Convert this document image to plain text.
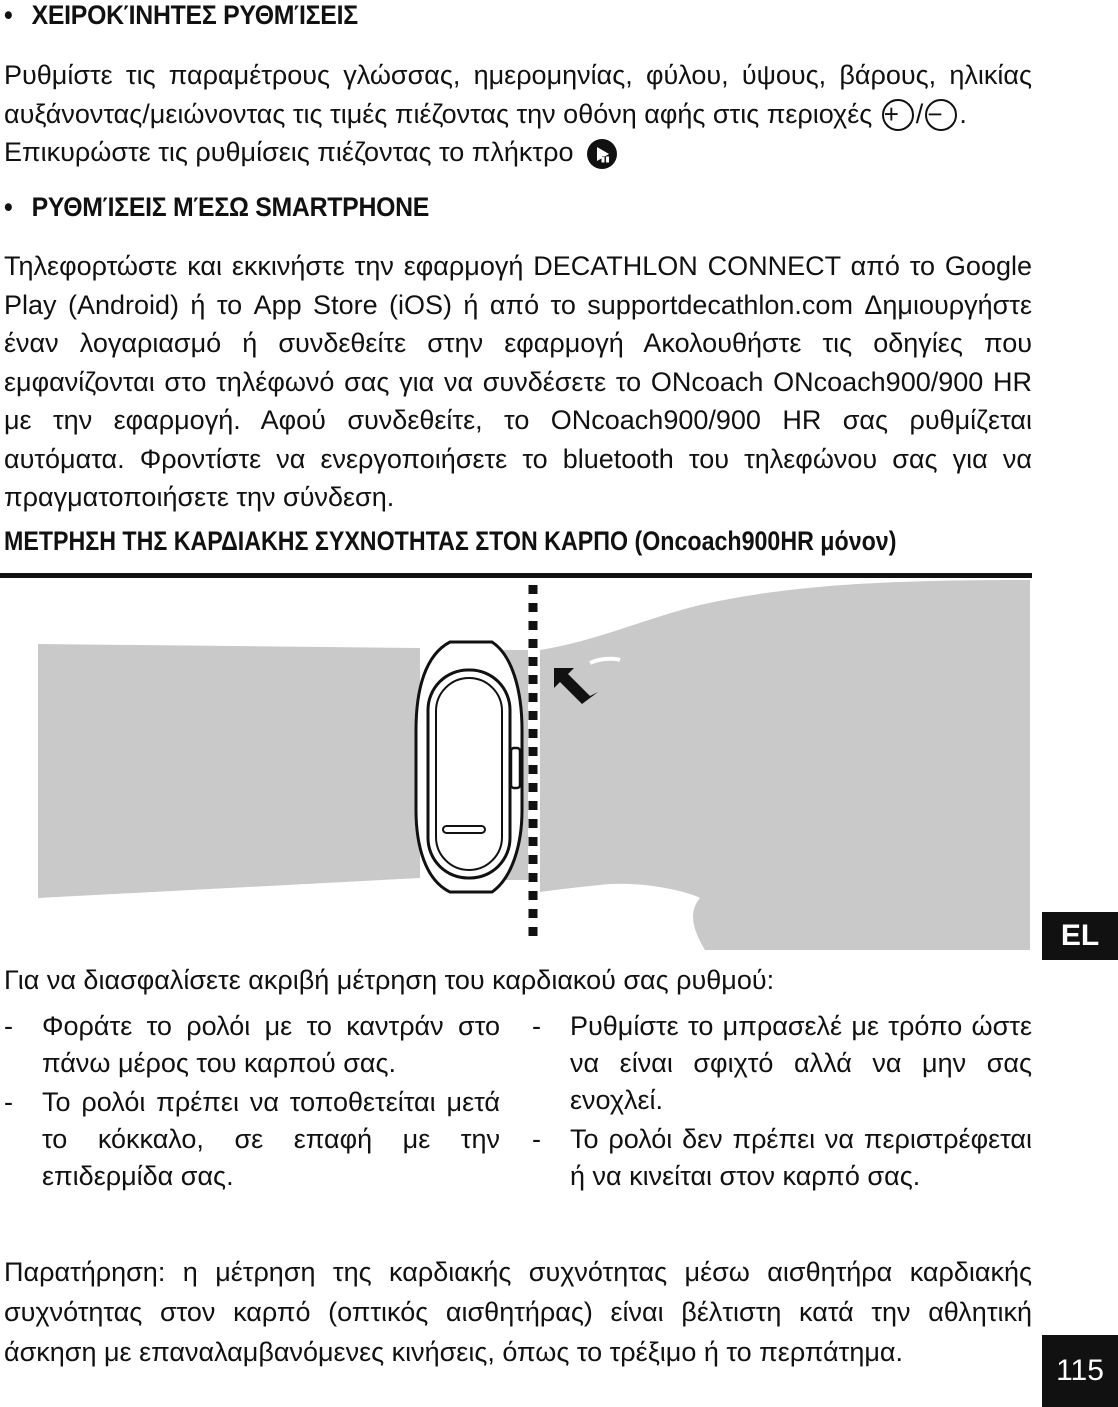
• ΧΕΙΡΟΚΊΝΗΤΕΣ ΡΥΘΜΊΣΕΙΣ
Ρυθμίστε τις παραμέτρους γλώσσας, ημερομηνίας, φύλου, ύψους, βάρους, ηλικίας αυξάνοντας/μειώνοντας τις τιμές πιέζοντας την οθόνη αφής στις περιοχές + / − .
Επικυρώστε τις ρυθμίσεις πιέζοντας το πλήκτρο
• ΡΥΘΜΊΣΕΙΣ ΜΈΣΩ SMARTPHONE
Τηλεφορτώστε και εκκινήστε την εφαρμογή DECATHLON CONNECT από το Google Play (Android) ή το App Store (iOS) ή από το supportdecathlon.com Δημιουργήστε έναν λογαριασμό ή συνδεθείτε στην εφαρμογή Ακολουθήστε τις οδηγίες που εμφανίζονται στο τηλέφωνό σας για να συνδέσετε το ONcoach ONcoach900/900 HR με την εφαρμογή. Αφού συνδεθείτε, το ONcoach900/900 HR σας ρυθμίζεται αυτόματα. Φροντίστε να ενεργοποιήσετε το bluetooth του τηλεφώνου σας για να πραγματοποιήσετε την σύνδεση.
ΜΕΤΡΗΣΗ ΤΗΣ ΚΑΡΔΙΑΚΗΣ ΣΥΧΝΟΤΗΤΑΣ ΣΤΟΝ ΚΑΡΠΟ (Oncoach900HR μόνον)
Για να διασφαλίσετε ακριβή μέτρηση του καρδιακού σας ρυθμού:
- Φοράτε το ρολόι με το καντράν στο πάνω μέρος του καρπού σας.
- Το ρολόι πρέπει να τοποθετείται μετά το κόκκαλο, σε επαφή με την επιδερμίδα σας.
- Ρυθμίστε το μπρασελέ με τρόπο ώστε να είναι σφιχτό αλλά να μην σας ενοχλεί.
- Το ρολόι δεν πρέπει να περιστρέφεται ή να κινείται στον καρπό σας.
Παρατήρηση: η μέτρηση της καρδιακής συχνότητας μέσω αισθητήρα καρδιακής συχνότητας στον καρπό (οπτικός αισθητήρας) είναι βέλτιστη κατά την αθλητική άσκηση με επαναλαμβανόμενες κινήσεις, όπως το τρέξιμο ή το περπάτημα.
EL
115
